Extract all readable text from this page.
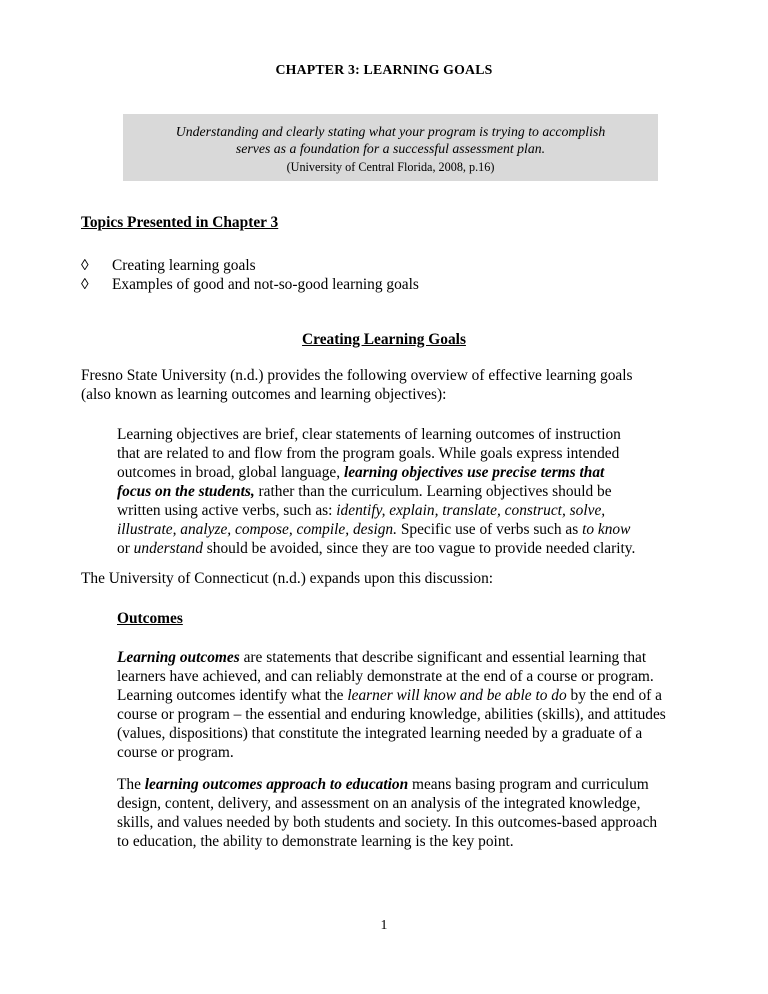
CHAPTER 3: LEARNING GOALS
Understanding and clearly stating what your program is trying to accomplish
serves as a foundation for a successful assessment plan.
(University of Central Florida, 2008, p.16)
Topics Presented in Chapter 3
◊ Creating learning goals
◊ Examples of good and not-so-good learning goals
Creating Learning Goals
Fresno State University (n.d.) provides the following overview of effective learning goals
(also known as learning outcomes and learning objectives):
Learning objectives are brief, clear statements of learning outcomes of instruction
that are related to and flow from the program goals. While goals express intended
outcomes in broad, global language, learning objectives use precise terms that
focus on the students, rather than the curriculum. Learning objectives should be
written using active verbs, such as: identify, explain, translate, construct, solve,
illustrate, analyze, compose, compile, design. Specific use of verbs such as to know
or understand should be avoided, since they are too vague to provide needed clarity.
The University of Connecticut (n.d.) expands upon this discussion:
Outcomes
Learning outcomes are statements that describe significant and essential learning that
learners have achieved, and can reliably demonstrate at the end of a course or program.
Learning outcomes identify what the learner will know and be able to do by the end of a
course or program – the essential and enduring knowledge, abilities (skills), and attitudes
(values, dispositions) that constitute the integrated learning needed by a graduate of a
course or program.
The learning outcomes approach to education means basing program and curriculum
design, content, delivery, and assessment on an analysis of the integrated knowledge,
skills, and values needed by both students and society. In this outcomes-based approach
to education, the ability to demonstrate learning is the key point.
1
